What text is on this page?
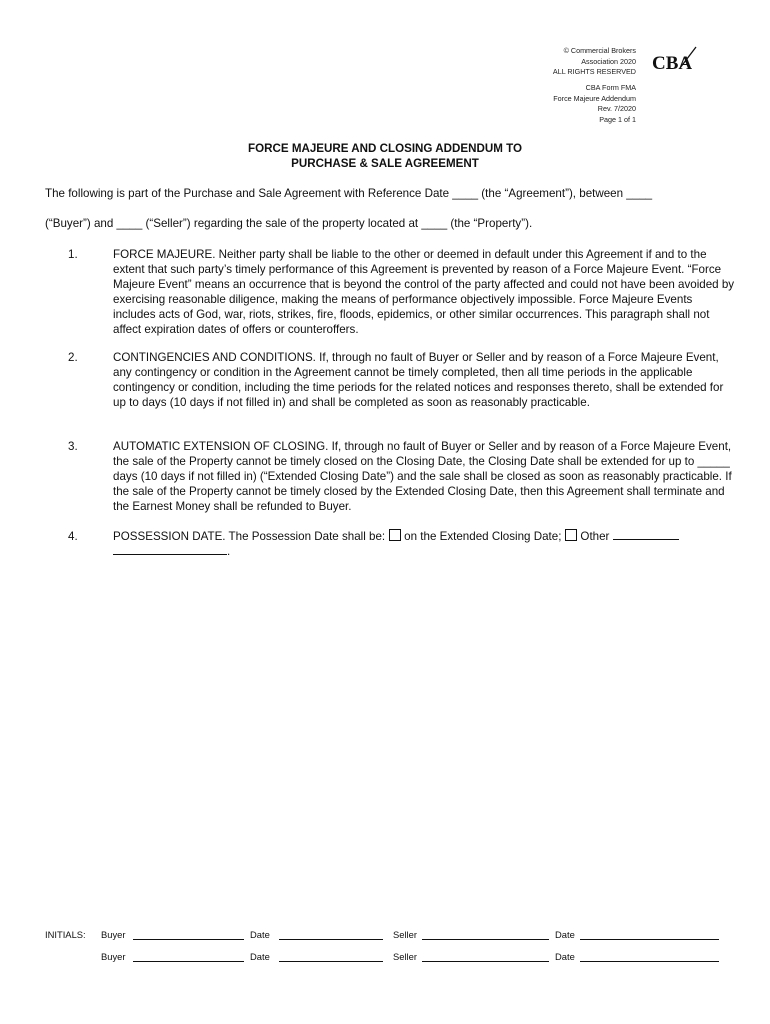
© Commercial Brokers
Association 2020
ALL RIGHTS RESERVED
CBA Form FMA
Force Majeure Addendum
Rev. 7/2020
Page 1 of 1
CBA
FORCE MAJEURE AND CLOSING ADDENDUM TO
PURCHASE & SALE AGREEMENT
The following is part of the Purchase and Sale Agreement with Reference Date ____ (the “Agreement”), between ____
(“Buyer”) and ____ (“Seller”) regarding the sale of the property located at ____ (the “Property”).
1.	FORCE MAJEURE. Neither party shall be liable to the other or deemed in default under this Agreement if and to the extent that such party’s timely performance of this Agreement is prevented by reason of a Force Majeure Event. “Force Majeure Event” means an occurrence that is beyond the control of the party affected and could not have been avoided by exercising reasonable diligence, making the means of performance objectively impossible. Force Majeure Events includes acts of God, war, riots, strikes, fire, floods, epidemics, or other similar occurrences. This paragraph shall not affect expiration dates of offers or counteroffers.
2.	CONTINGENCIES AND CONDITIONS. If, through no fault of Buyer or Seller and by reason of a Force Majeure Event, any contingency or condition in the Agreement cannot be timely completed, then all time periods in the applicable contingency or condition, including the time periods for the related notices and responses thereto, shall be extended for up to days (10 days if not filled in) and shall be completed as soon as reasonably practicable.
3.	AUTOMATIC EXTENSION OF CLOSING. If, through no fault of Buyer or Seller and by reason of a Force Majeure Event, the sale of the Property cannot be timely closed on the Closing Date, the Closing Date shall be extended for up to _____ days (10 days if not filled in) (“Extended Closing Date”) and the sale shall be closed as soon as reasonably practicable. If the sale of the Property cannot be timely closed by the Extended Closing Date, then this Agreement shall terminate and the Earnest Money shall be refunded to Buyer.
4.	POSSESSION DATE. The Possession Date shall be: on the Extended Closing Date; Other
.
INITIALS: Buyer	Date	Seller	Date
Buyer	Date	Seller	Date
